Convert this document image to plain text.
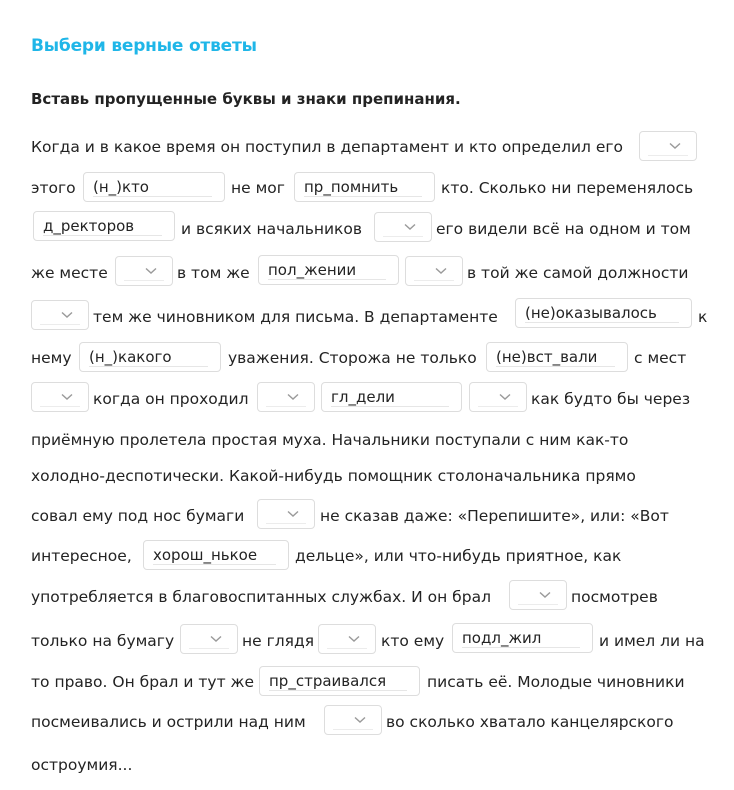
Выбери верные ответы

Вставь пропущенные буквы и знаки препинания.

Когда и в какое время он поступил в департамент и кто определил его
этого	(н_)кто	не мог	пр_помнить	кто. Сколько ни переменялось
д_ректоров	и всяких начальников	его видели всё на одном и том
же месте	в том же	пол_жении	в той же самой должности
тем же чиновником для письма. В департаменте	(не)оказывалось	к
нему	(н_)какого	уважения. Сторожа не только	(не)вст_вали	с мест
когда он проходил	гл_дели	как будто бы через
приёмную пролетела простая муха. Начальники поступали с ним как-то
холодно-деспотически. Какой-нибудь помощник столоначальника прямо
совал ему под нос бумаги	не сказав даже: «Перепишите», или: «Вот
интересное,	хорош_нькое	дельце», или что-нибудь приятное, как
употребляется в благовоспитанных службах. И он брал	посмотрев
только на бумагу	не глядя	кто ему	подл_жил	и имел ли на
то право. Он брал и тут же пр_страивался	писать её. Молодые чиновники
посмеивались и острили над ним	во сколько хватало канцелярского
остроумия...
